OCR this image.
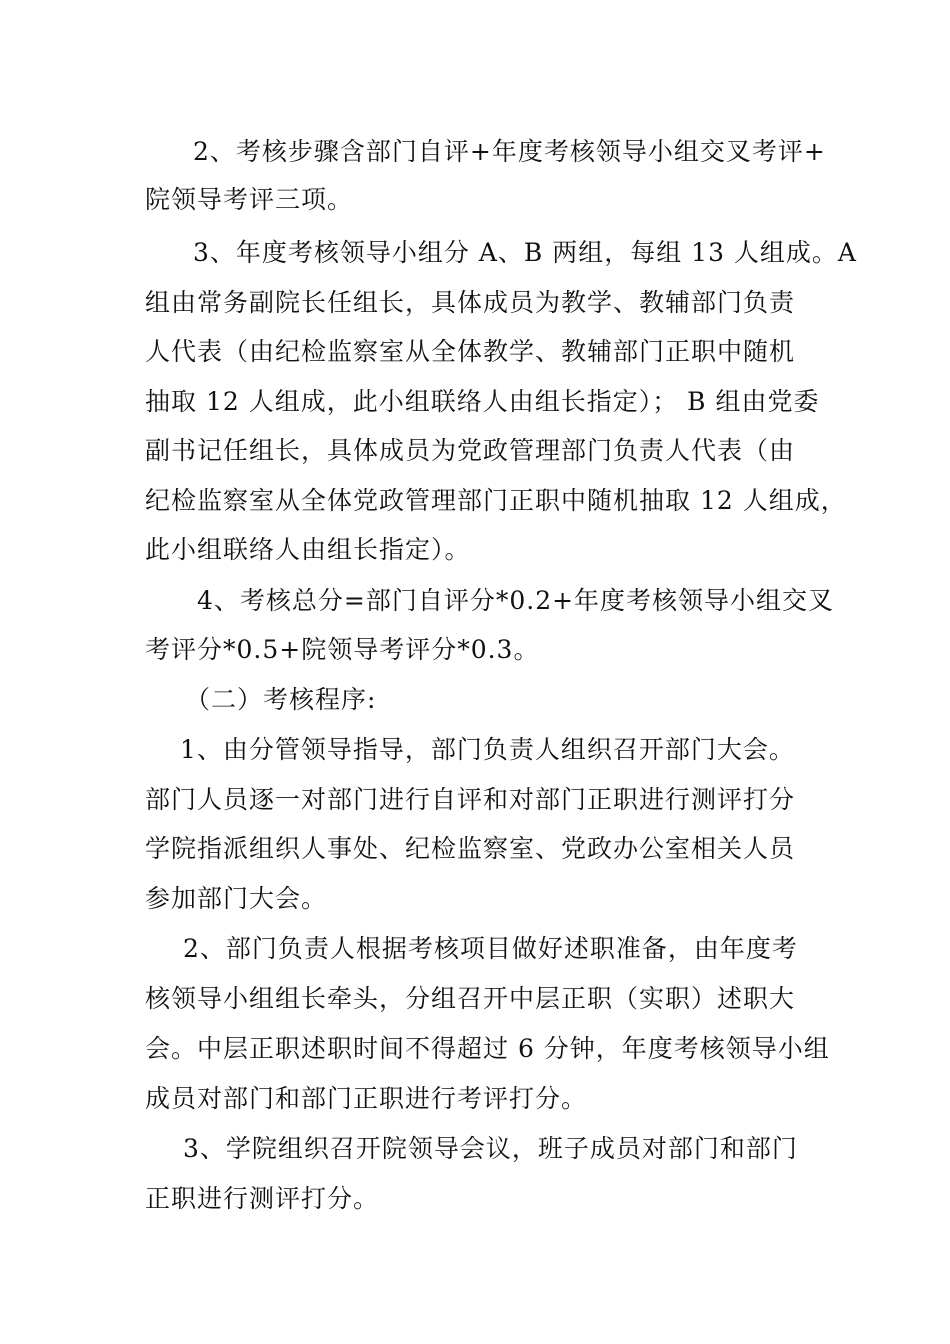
2、考核步骤含部门自评+年度考核领导小组交叉考评+
院领导考评三项。
3、年度考核领导小组分 A、B 两组，每组 13 人组成。A
组由常务副院长任组长，具体成员为教学、教辅部门负责
人代表（由纪检监察室从全体教学、教辅部门正职中随机
抽取 12 人组成，此小组联络人由组长指定）； B 组由党委
副书记任组长，具体成员为党政管理部门负责人代表（由
纪检监察室从全体党政管理部门正职中随机抽取 12 人组成，
此小组联络人由组长指定）。
4、考核总分=部门自评分*0.2+年度考核领导小组交叉
考评分*0.5+院领导考评分*0.3。
（二）考核程序:
1、由分管领导指导，部门负责人组织召开部门大会。
部门人员逐一对部门进行自评和对部门正职进行测评打分
学院指派组织人事处、纪检监察室、党政办公室相关人员
参加部门大会。
2、部门负责人根据考核项目做好述职准备，由年度考
核领导小组组长牵头，分组召开中层正职（实职）述职大
会。中层正职述职时间不得超过 6 分钟，年度考核领导小组
成员对部门和部门正职进行考评打分。
3、学院组织召开院领导会议，班子成员对部门和部门
正职进行测评打分。
